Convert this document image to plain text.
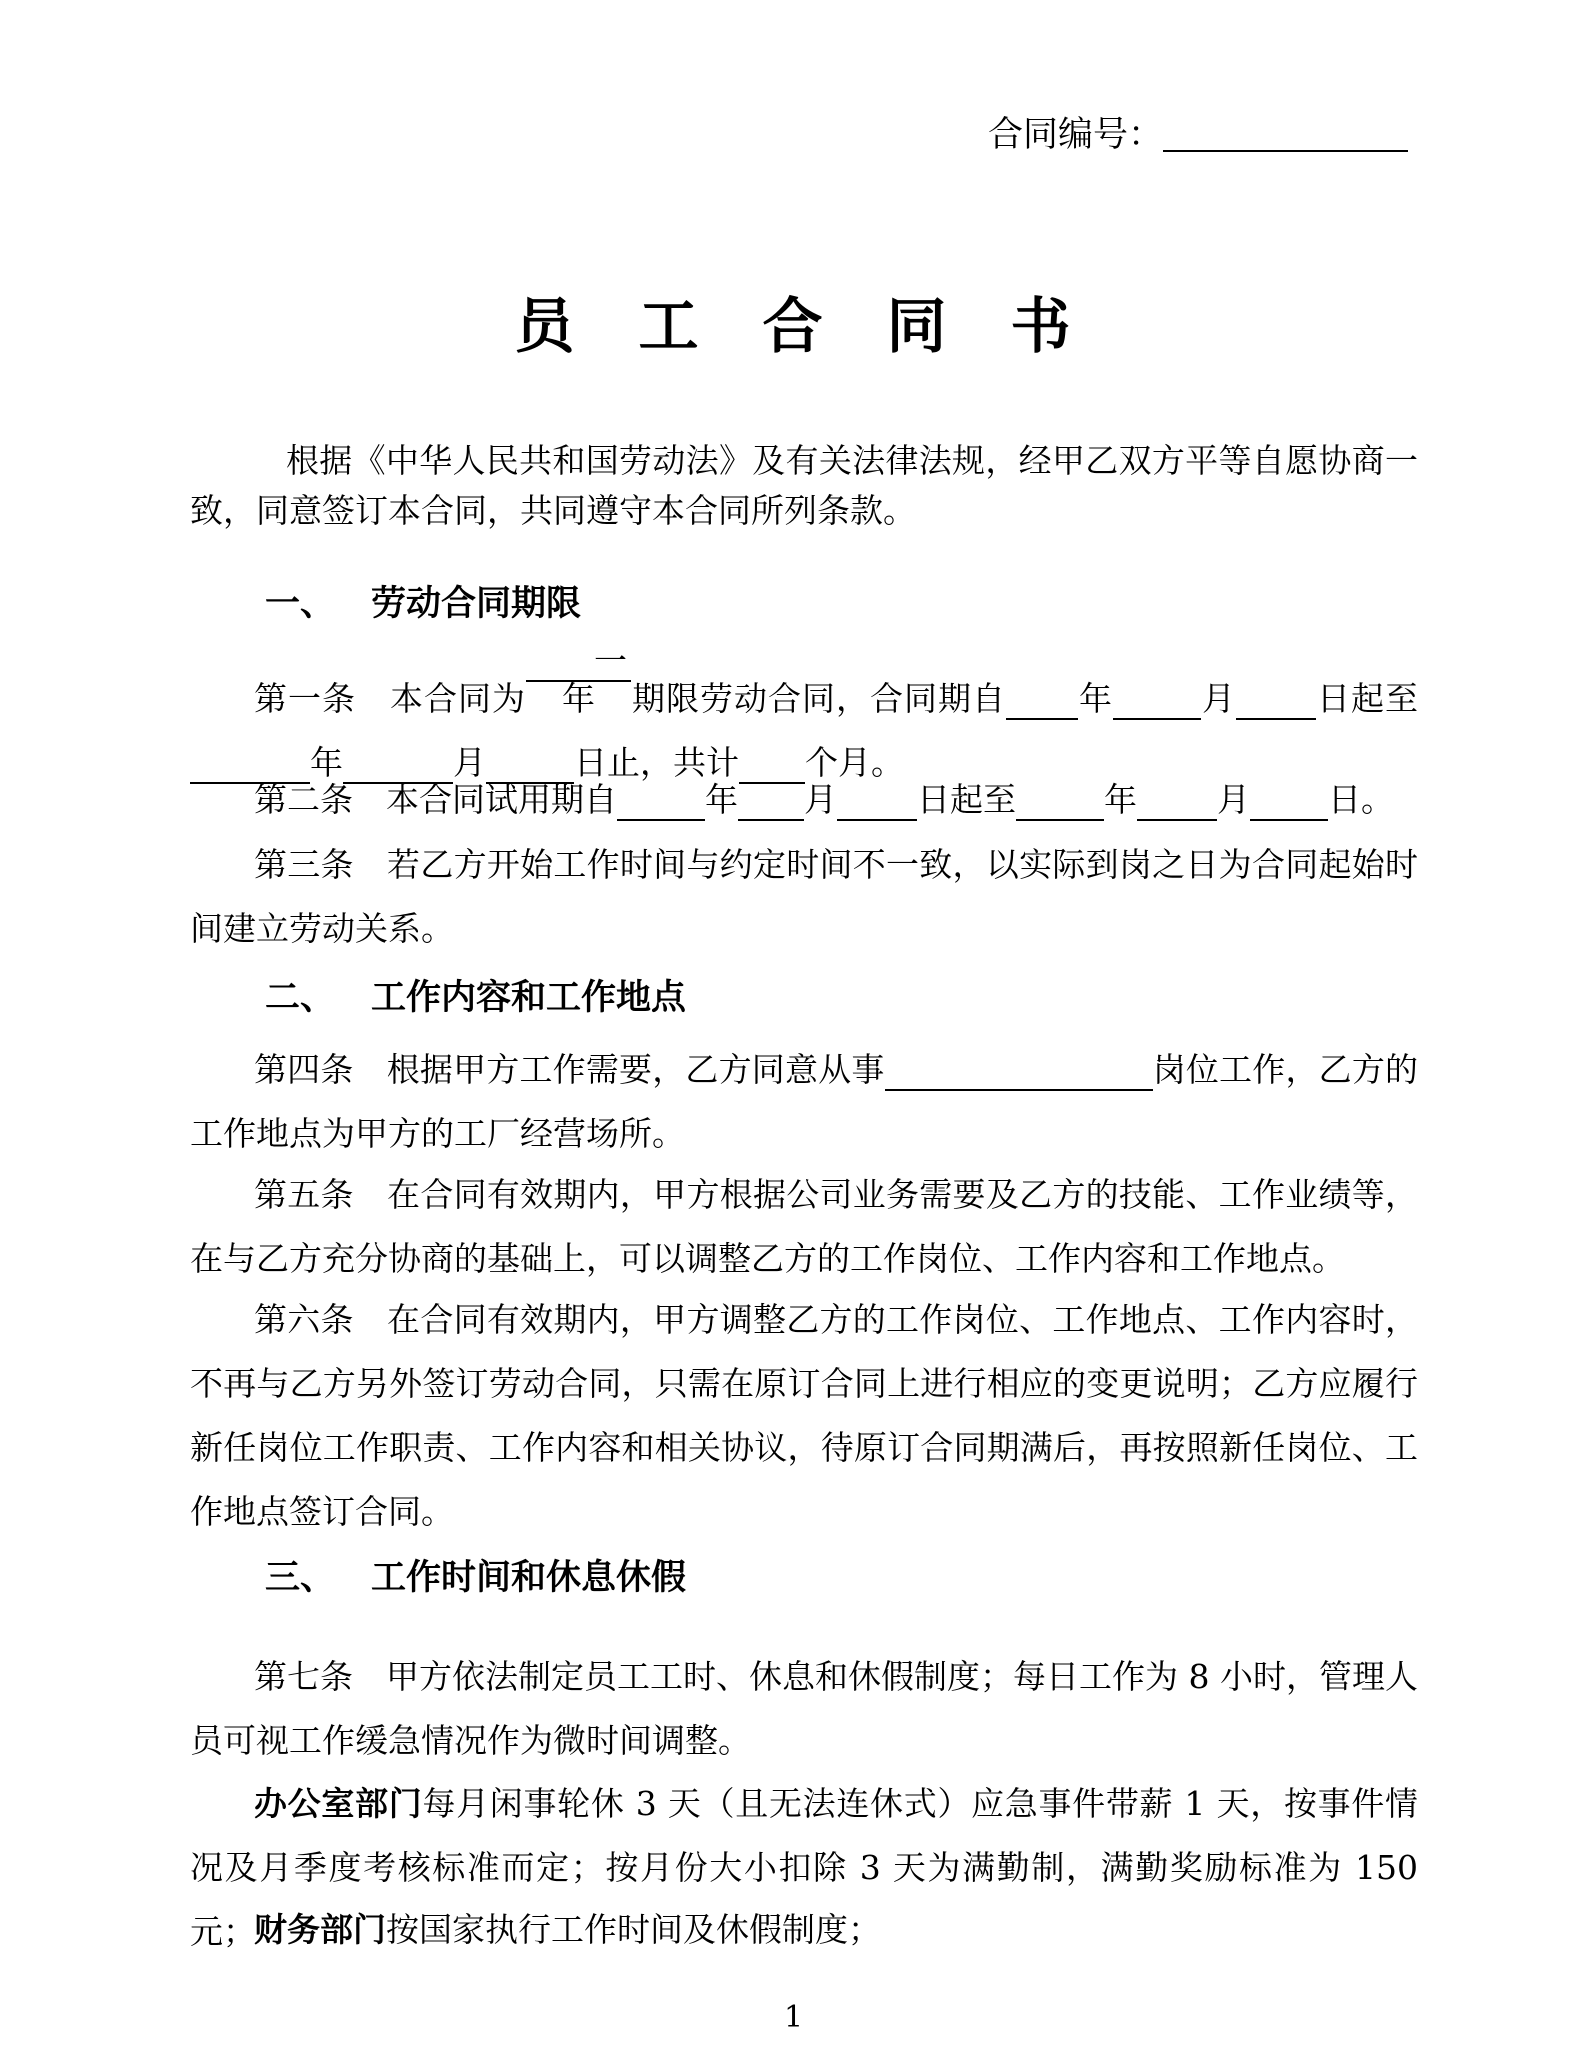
合同编号：
员　工　合　同　书

根据《中华人民共和国劳动法》及有关法律法规，经甲乙双方平等自愿协商一致，同意签订本合同，共同遵守本合同所列条款。

一、 劳动合同期限

第一条　本合同为一年 期限劳动合同，合同期自 年	月 日起至 年	月	日止，共计 个月。

第二条　本合同试用期自	年 月 日起至	年 月 日。

第三条　若乙方开始工作时间与约定时间不一致，以实际到岗之日为合同起始时间建立劳动关系。

二、 工作内容和工作地点

第四条　根据甲方工作需要，乙方同意从事	岗位工作，乙方的工作地点为甲方的工厂经营场所。

第五条　在合同有效期内，甲方根据公司业务需要及乙方的技能、工作业绩等，在与乙方充分协商的基础上，可以调整乙方的工作岗位、工作内容和工作地点。

第六条　在合同有效期内，甲方调整乙方的工作岗位、工作地点、工作内容时，不再与乙方另外签订劳动合同，只需在原订合同上进行相应的变更说明；乙方应履行新任岗位工作职责、工作内容和相关协议，待原订合同期满后，再按照新任岗位、工作地点签订合同。

三、 工作时间和休息休假

第七条　甲方依法制定员工工时、休息和休假制度；每日工作为 8 小时，管理人员可视工作缓急情况作为微时间调整。

办公室部门每月闲事轮休 3 天（且无法连休式）应急事件带薪 1 天，按事件情况及月季度考核标准而定；按月份大小扣除 3 天为满勤制，满勤奖励标准为 150 元；

财务部门按国家执行工作时间及休假制度；

1
